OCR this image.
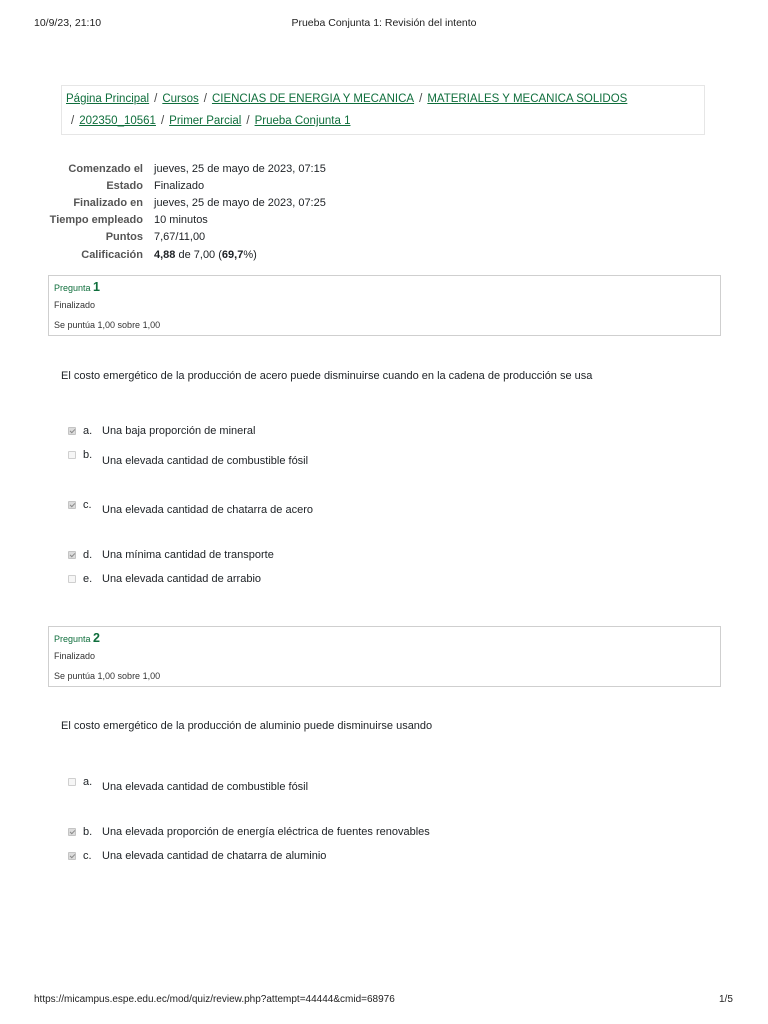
10/9/23, 21:10	Prueba Conjunta 1: Revisión del intento
Página Principal / Cursos / CIENCIAS DE ENERGIA Y MECANICA / MATERIALES Y MECANICA SOLIDOS
/ 202350_10561 / Primer Parcial / Prueba Conjunta 1
Comenzado el	jueves, 25 de mayo de 2023, 07:15
Estado	Finalizado
Finalizado en	jueves, 25 de mayo de 2023, 07:25
Tiempo empleado	10 minutos
Puntos	7,67/11,00
Calificación	4,88 de 7,00 (69,7%)
Pregunta 1
Finalizado
Se puntúa 1,00 sobre 1,00
El costo emergético de la producción de acero puede disminuirse cuando en la cadena de producción se usa
a. Una baja proporción de mineral
b. Una elevada cantidad de combustible fósil
c. Una elevada cantidad de chatarra de acero
d. Una mínima cantidad de transporte
e. Una elevada cantidad de arrabio
Pregunta 2
Finalizado
Se puntúa 1,00 sobre 1,00
El costo emergético de la producción de aluminio puede disminuirse usando
a. Una elevada cantidad de combustible fósil
b. Una elevada proporción de energía eléctrica de fuentes renovables
c. Una elevada cantidad de chatarra de aluminio
https://micampus.espe.edu.ec/mod/quiz/review.php?attempt=44444&cmid=68976	1/5
